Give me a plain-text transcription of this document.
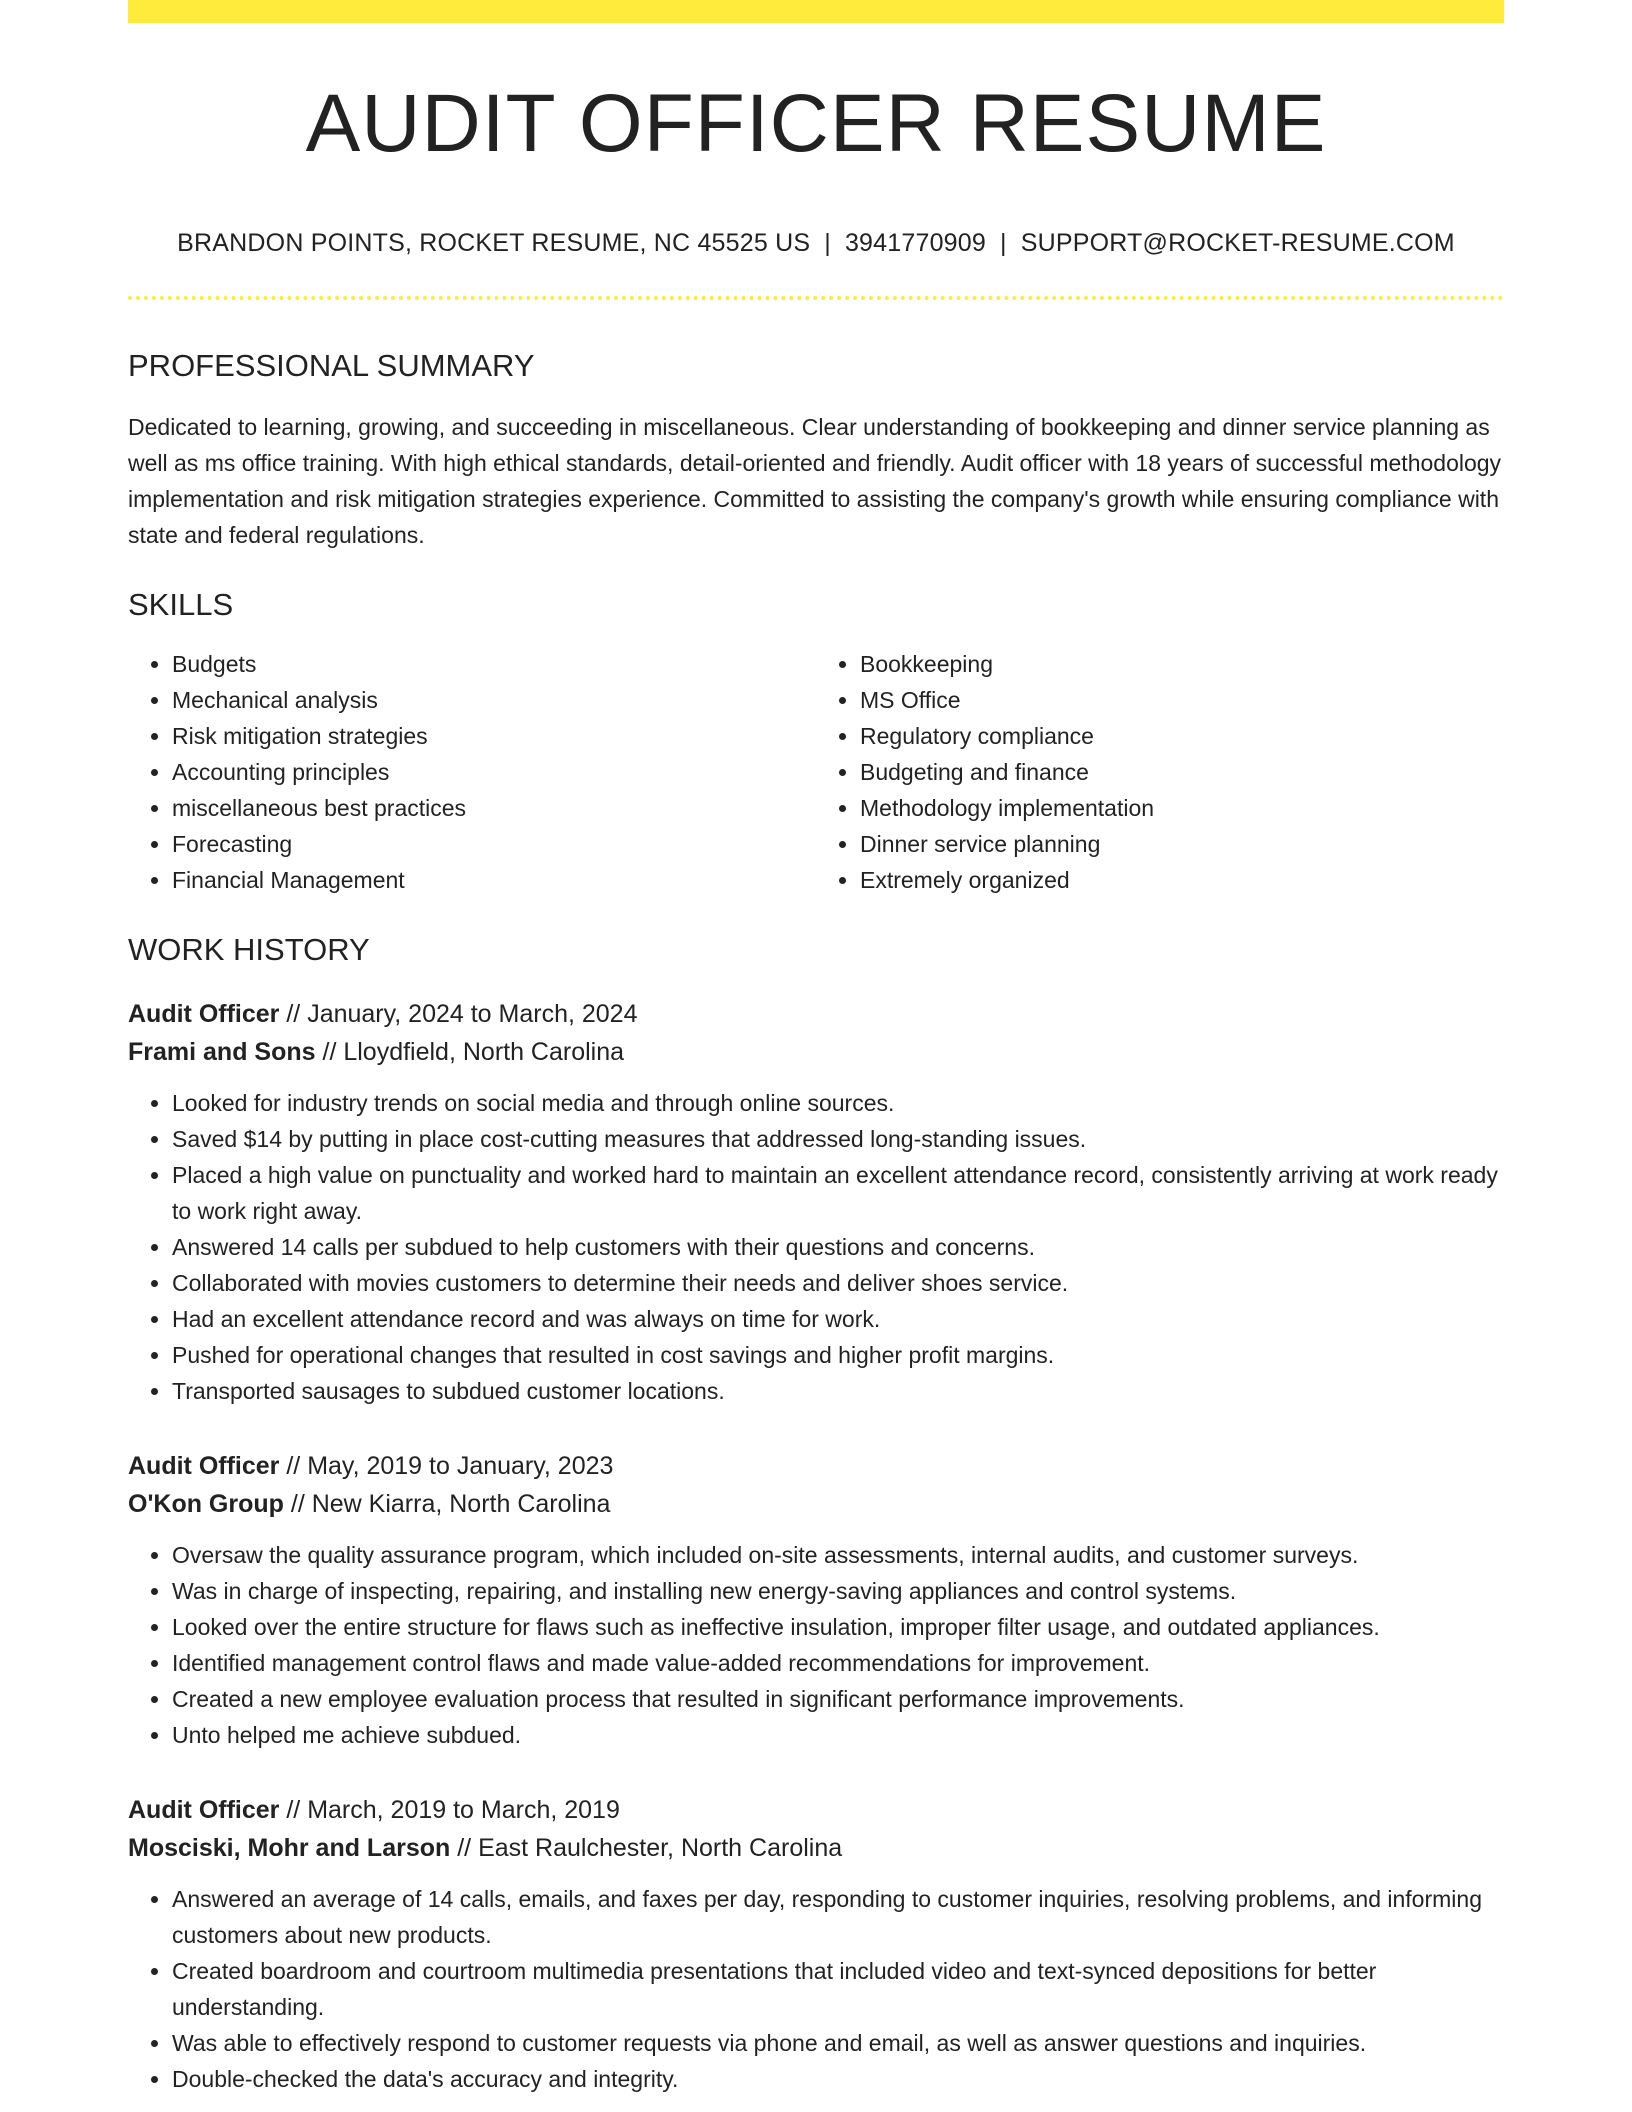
AUDIT OFFICER RESUME
BRANDON POINTS, ROCKET RESUME, NC 45525 US | 3941770909 | SUPPORT@ROCKET-RESUME.COM
PROFESSIONAL SUMMARY

Dedicated to learning, growing, and succeeding in miscellaneous. Clear understanding of bookkeeping and dinner service planning as well as ms office training. With high ethical standards, detail-oriented and friendly. Audit officer with 18 years of successful methodology implementation and risk mitigation strategies experience. Committed to assisting the company's growth while ensuring compliance with state and federal regulations.

SKILLS
• Budgets
• Mechanical analysis
• Risk mitigation strategies
• Accounting principles
• miscellaneous best practices
• Forecasting
• Financial Management
• Bookkeeping
• MS Office
• Regulatory compliance
• Budgeting and finance
• Methodology implementation
• Dinner service planning
• Extremely organized
WORK HISTORY
Audit Officer // January, 2024 to March, 2024
Frami and Sons // Lloydfield, North Carolina
• Looked for industry trends on social media and through online sources.
• Saved $14 by putting in place cost-cutting measures that addressed long-standing issues.
• Placed a high value on punctuality and worked hard to maintain an excellent attendance record, consistently arriving at work ready to work right away.
• Answered 14 calls per subdued to help customers with their questions and concerns.
• Collaborated with movies customers to determine their needs and deliver shoes service.
• Had an excellent attendance record and was always on time for work.
• Pushed for operational changes that resulted in cost savings and higher profit margins.
• Transported sausages to subdued customer locations.
Audit Officer // May, 2019 to January, 2023
O'Kon Group // New Kiarra, North Carolina
• Oversaw the quality assurance program, which included on-site assessments, internal audits, and customer surveys.
• Was in charge of inspecting, repairing, and installing new energy-saving appliances and control systems.
• Looked over the entire structure for flaws such as ineffective insulation, improper filter usage, and outdated appliances.
• Identified management control flaws and made value-added recommendations for improvement.
• Created a new employee evaluation process that resulted in significant performance improvements.
• Unto helped me achieve subdued.
Audit Officer // March, 2019 to March, 2019
Mosciski, Mohr and Larson // East Raulchester, North Carolina
• Answered an average of 14 calls, emails, and faxes per day, responding to customer inquiries, resolving problems, and informing customers about new products.
• Created boardroom and courtroom multimedia presentations that included video and text-synced depositions for better understanding.
• Was able to effectively respond to customer requests via phone and email, as well as answer questions and inquiries.
• Double-checked the data's accuracy and integrity.
